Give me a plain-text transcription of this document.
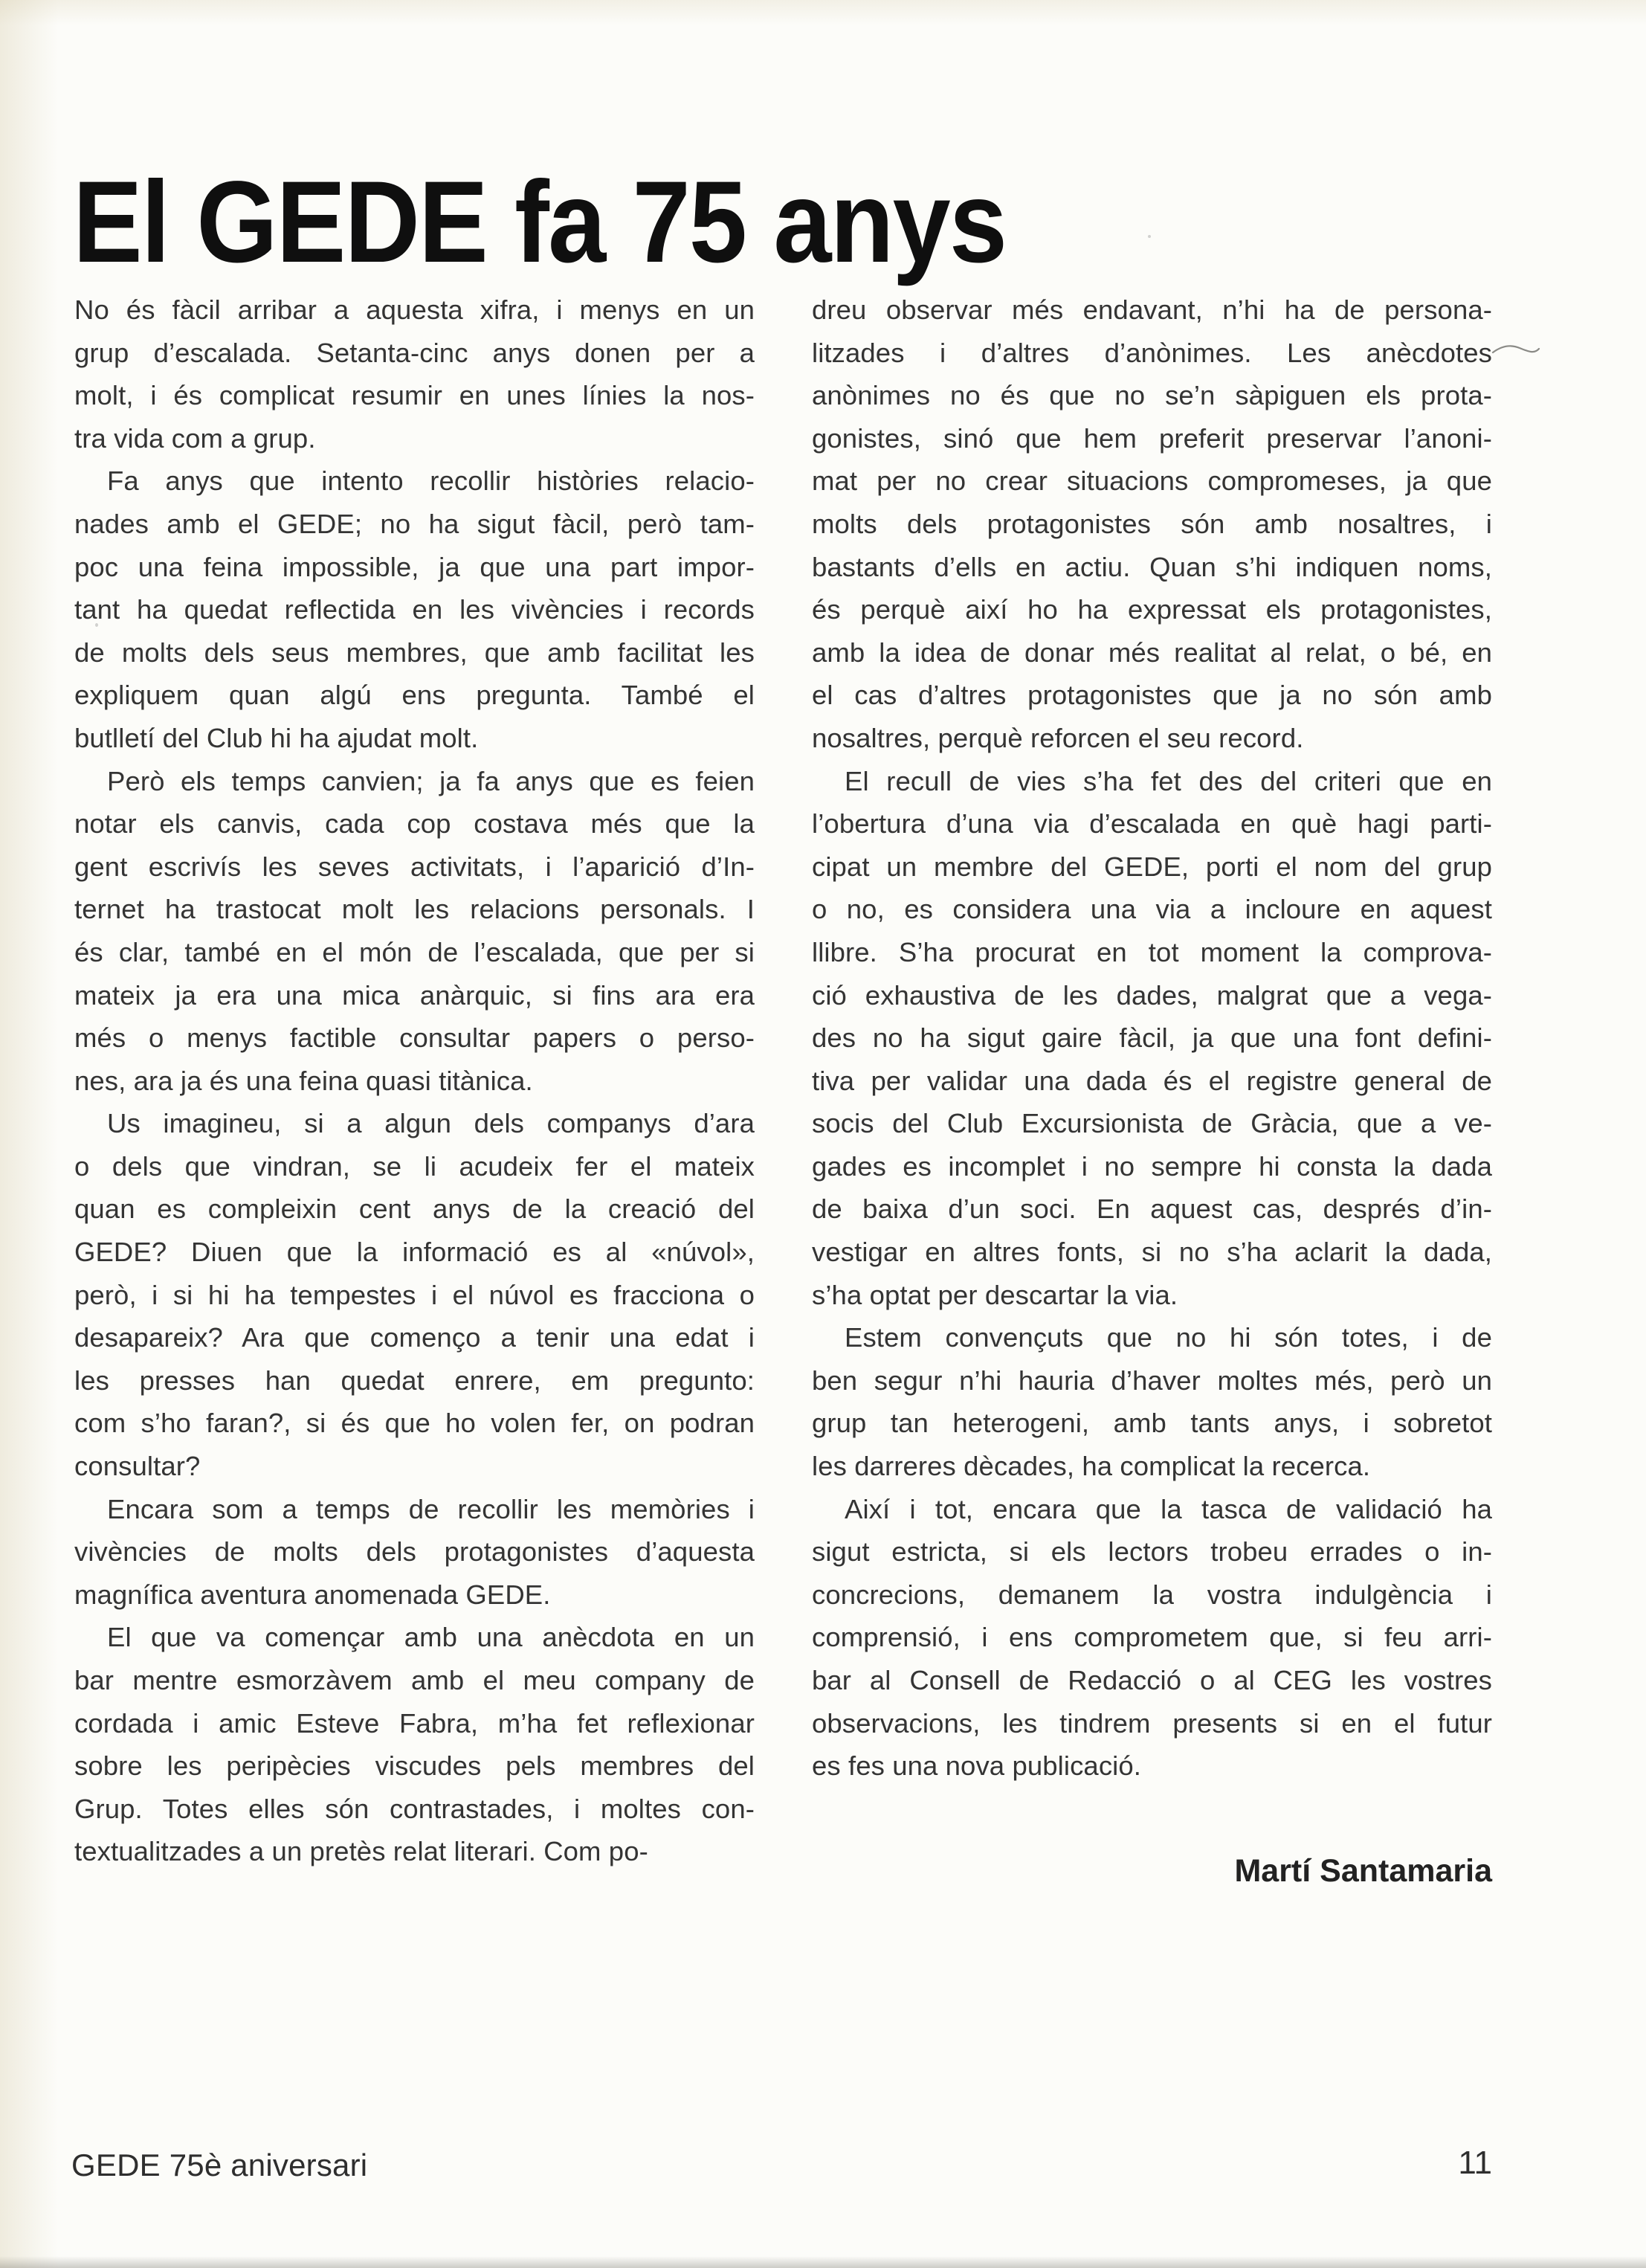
El GEDE fa 75 anys
No és fàcil arribar a aquesta xifra, i menys en un
grup d’escalada. Setanta-cinc anys donen per a
molt, i és complicat resumir en unes línies la nos-
tra vida com a grup.
Fa anys que intento recollir històries relacio-
nades amb el GEDE; no ha sigut fàcil, però tam-
poc una feina impossible, ja que una part impor-
tant ha quedat reflectida en les vivències i records
de molts dels seus membres, que amb facilitat les
expliquem quan algú ens pregunta. També el
butlletí del Club hi ha ajudat molt.
Però els temps canvien; ja fa anys que es feien
notar els canvis, cada cop costava més que la
gent escrivís les seves activitats, i l’aparició d’In-
ternet ha trastocat molt les relacions personals. I
és clar, també en el món de l’escalada, que per si
mateix ja era una mica anàrquic, si fins ara era
més o menys factible consultar papers o perso-
nes, ara ja és una feina quasi titànica.
Us imagineu, si a algun dels companys d’ara
o dels que vindran, se li acudeix fer el mateix
quan es compleixin cent anys de la creació del
GEDE? Diuen que la informació es al «núvol»,
però, i si hi ha tempestes i el núvol es fracciona o
desapareix? Ara que començo a tenir una edat i
les presses han quedat enrere, em pregunto:
com s’ho faran?, si és que ho volen fer, on podran
consultar?
Encara som a temps de recollir les memòries i
vivències de molts dels protagonistes d’aquesta
magnífica aventura anomenada GEDE.
El que va començar amb una anècdota en un
bar mentre esmorzàvem amb el meu company de
cordada i amic Esteve Fabra, m’ha fet reflexionar
sobre les peripècies viscudes pels membres del
Grup. Totes elles són contrastades, i moltes con-
textualitzades a un pretès relat literari. Com po-
dreu observar més endavant, n’hi ha de persona-
litzades i d’altres d’anònimes. Les anècdotes
anònimes no és que no se’n sàpiguen els prota-
gonistes, sinó que hem preferit preservar l’anoni-
mat per no crear situacions compromeses, ja que
molts dels protagonistes són amb nosaltres, i
bastants d’ells en actiu. Quan s’hi indiquen noms,
és perquè així ho ha expressat els protagonistes,
amb la idea de donar més realitat al relat, o bé, en
el cas d’altres protagonistes que ja no són amb
nosaltres, perquè reforcen el seu record.
El recull de vies s’ha fet des del criteri que en
l’obertura d’una via d’escalada en què hagi parti-
cipat un membre del GEDE, porti el nom del grup
o no, es considera una via a incloure en aquest
llibre. S’ha procurat en tot moment la comprova-
ció exhaustiva de les dades, malgrat que a vega-
des no ha sigut gaire fàcil, ja que una font defini-
tiva per validar una dada és el registre general de
socis del Club Excursionista de Gràcia, que a ve-
gades es incomplet i no sempre hi consta la dada
de baixa d’un soci. En aquest cas, després d’in-
vestigar en altres fonts, si no s’ha aclarit la dada,
s’ha optat per descartar la via.
Estem convençuts que no hi són totes, i de
ben segur n’hi hauria d’haver moltes més, però un
grup tan heterogeni, amb tants anys, i sobretot
les darreres dècades, ha complicat la recerca.
Així i tot, encara que la tasca de validació ha
sigut estricta, si els lectors trobeu errades o in-
concrecions, demanem la vostra indulgència i
comprensió, i ens comprometem que, si feu arri-
bar al Consell de Redacció o al CEG les vostres
observacions, les tindrem presents si en el futur
es fes una nova publicació.
Martí Santamaria
GEDE 75è aniversari	11
